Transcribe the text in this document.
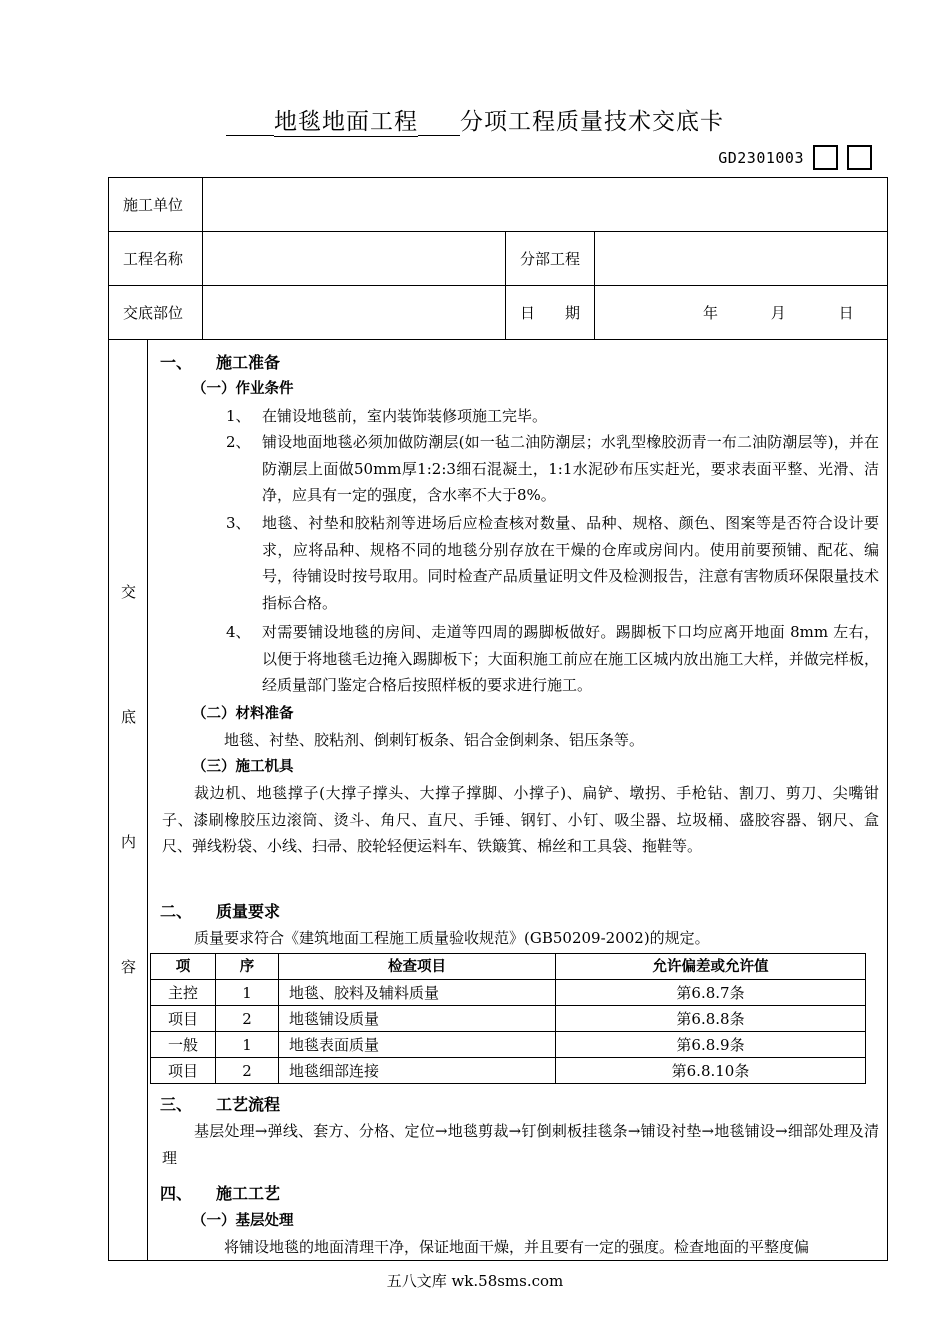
地毯地面工程 分项工程质量技术交底卡
GD2301003
施工单位			
工程名称		分部工程	
交底部位		日　　期	年 月 日
交
底
内
容
一、 施工准备
（一）作业条件
1、 在铺设地毯前，室内装饰装修项施工完毕。
2、 铺设地面地毯必须加做防潮层(如一毡二油防潮层；水乳型橡胶沥青一布二油防潮层等)，并在防潮层上面做50mm厚1:2:3细石混凝土，1:1水泥砂布压实赶光，要求表面平整、光滑、洁净，应具有一定的强度，含水率不大于8%。
3、 地毯、衬垫和胶粘剂等进场后应检查核对数量、品种、规格、颜色、图案等是否符合设计要求，应将品种、规格不同的地毯分别存放在干燥的仓库或房间内。使用前要预铺、配花、编号，待铺设时按号取用。同时检查产品质量证明文件及检测报告，注意有害物质环保限量技术指标合格。
4、 对需要铺设地毯的房间、走道等四周的踢脚板做好。踢脚板下口均应离开地面 8mm 左右，以便于将地毯毛边掩入踢脚板下；大面积施工前应在施工区城内放出施工大样，并做完样板，经质量部门鉴定合格后按照样板的要求进行施工。
（二）材料准备
地毯、衬垫、胶粘剂、倒刺钉板条、铝合金倒刺条、铝压条等。
（三）施工机具
裁边机、地毯撑子(大撑子撑头、大撑子撑脚、小撑子)、扁铲、墩拐、手枪钻、割刀、剪刀、尖嘴钳子、漆刷橡胶压边滚筒、烫斗、角尺、直尺、手锤、钢钉、小钉、吸尘器、垃圾桶、盛胶容器、钢尺、盒尺、弹线粉袋、小线、扫帚、胶轮轻便运料车、铁簸箕、棉丝和工具袋、拖鞋等。
二、 质量要求
质量要求符合《建筑地面工程施工质量验收规范》(GB50209-2002)的规定。
项	序	检查项目	允许偏差或允许值
主控	1	地毯、胶料及辅料质量	第6.8.7条
项目	2	地毯铺设质量	第6.8.8条
一般	1	地毯表面质量	第6.8.9条
项目	2	地毯细部连接	第6.8.10条
三、 工艺流程
基层处理→弹线、套方、分格、定位→地毯剪裁→钉倒刺板挂毯条→铺设衬垫→地毯铺设→细部处理及清理
四、 施工工艺
（一）基层处理
将铺设地毯的地面清理干净，保证地面干燥，并且要有一定的强度。检查地面的平整度偏
五八文库 wk.58sms.com
